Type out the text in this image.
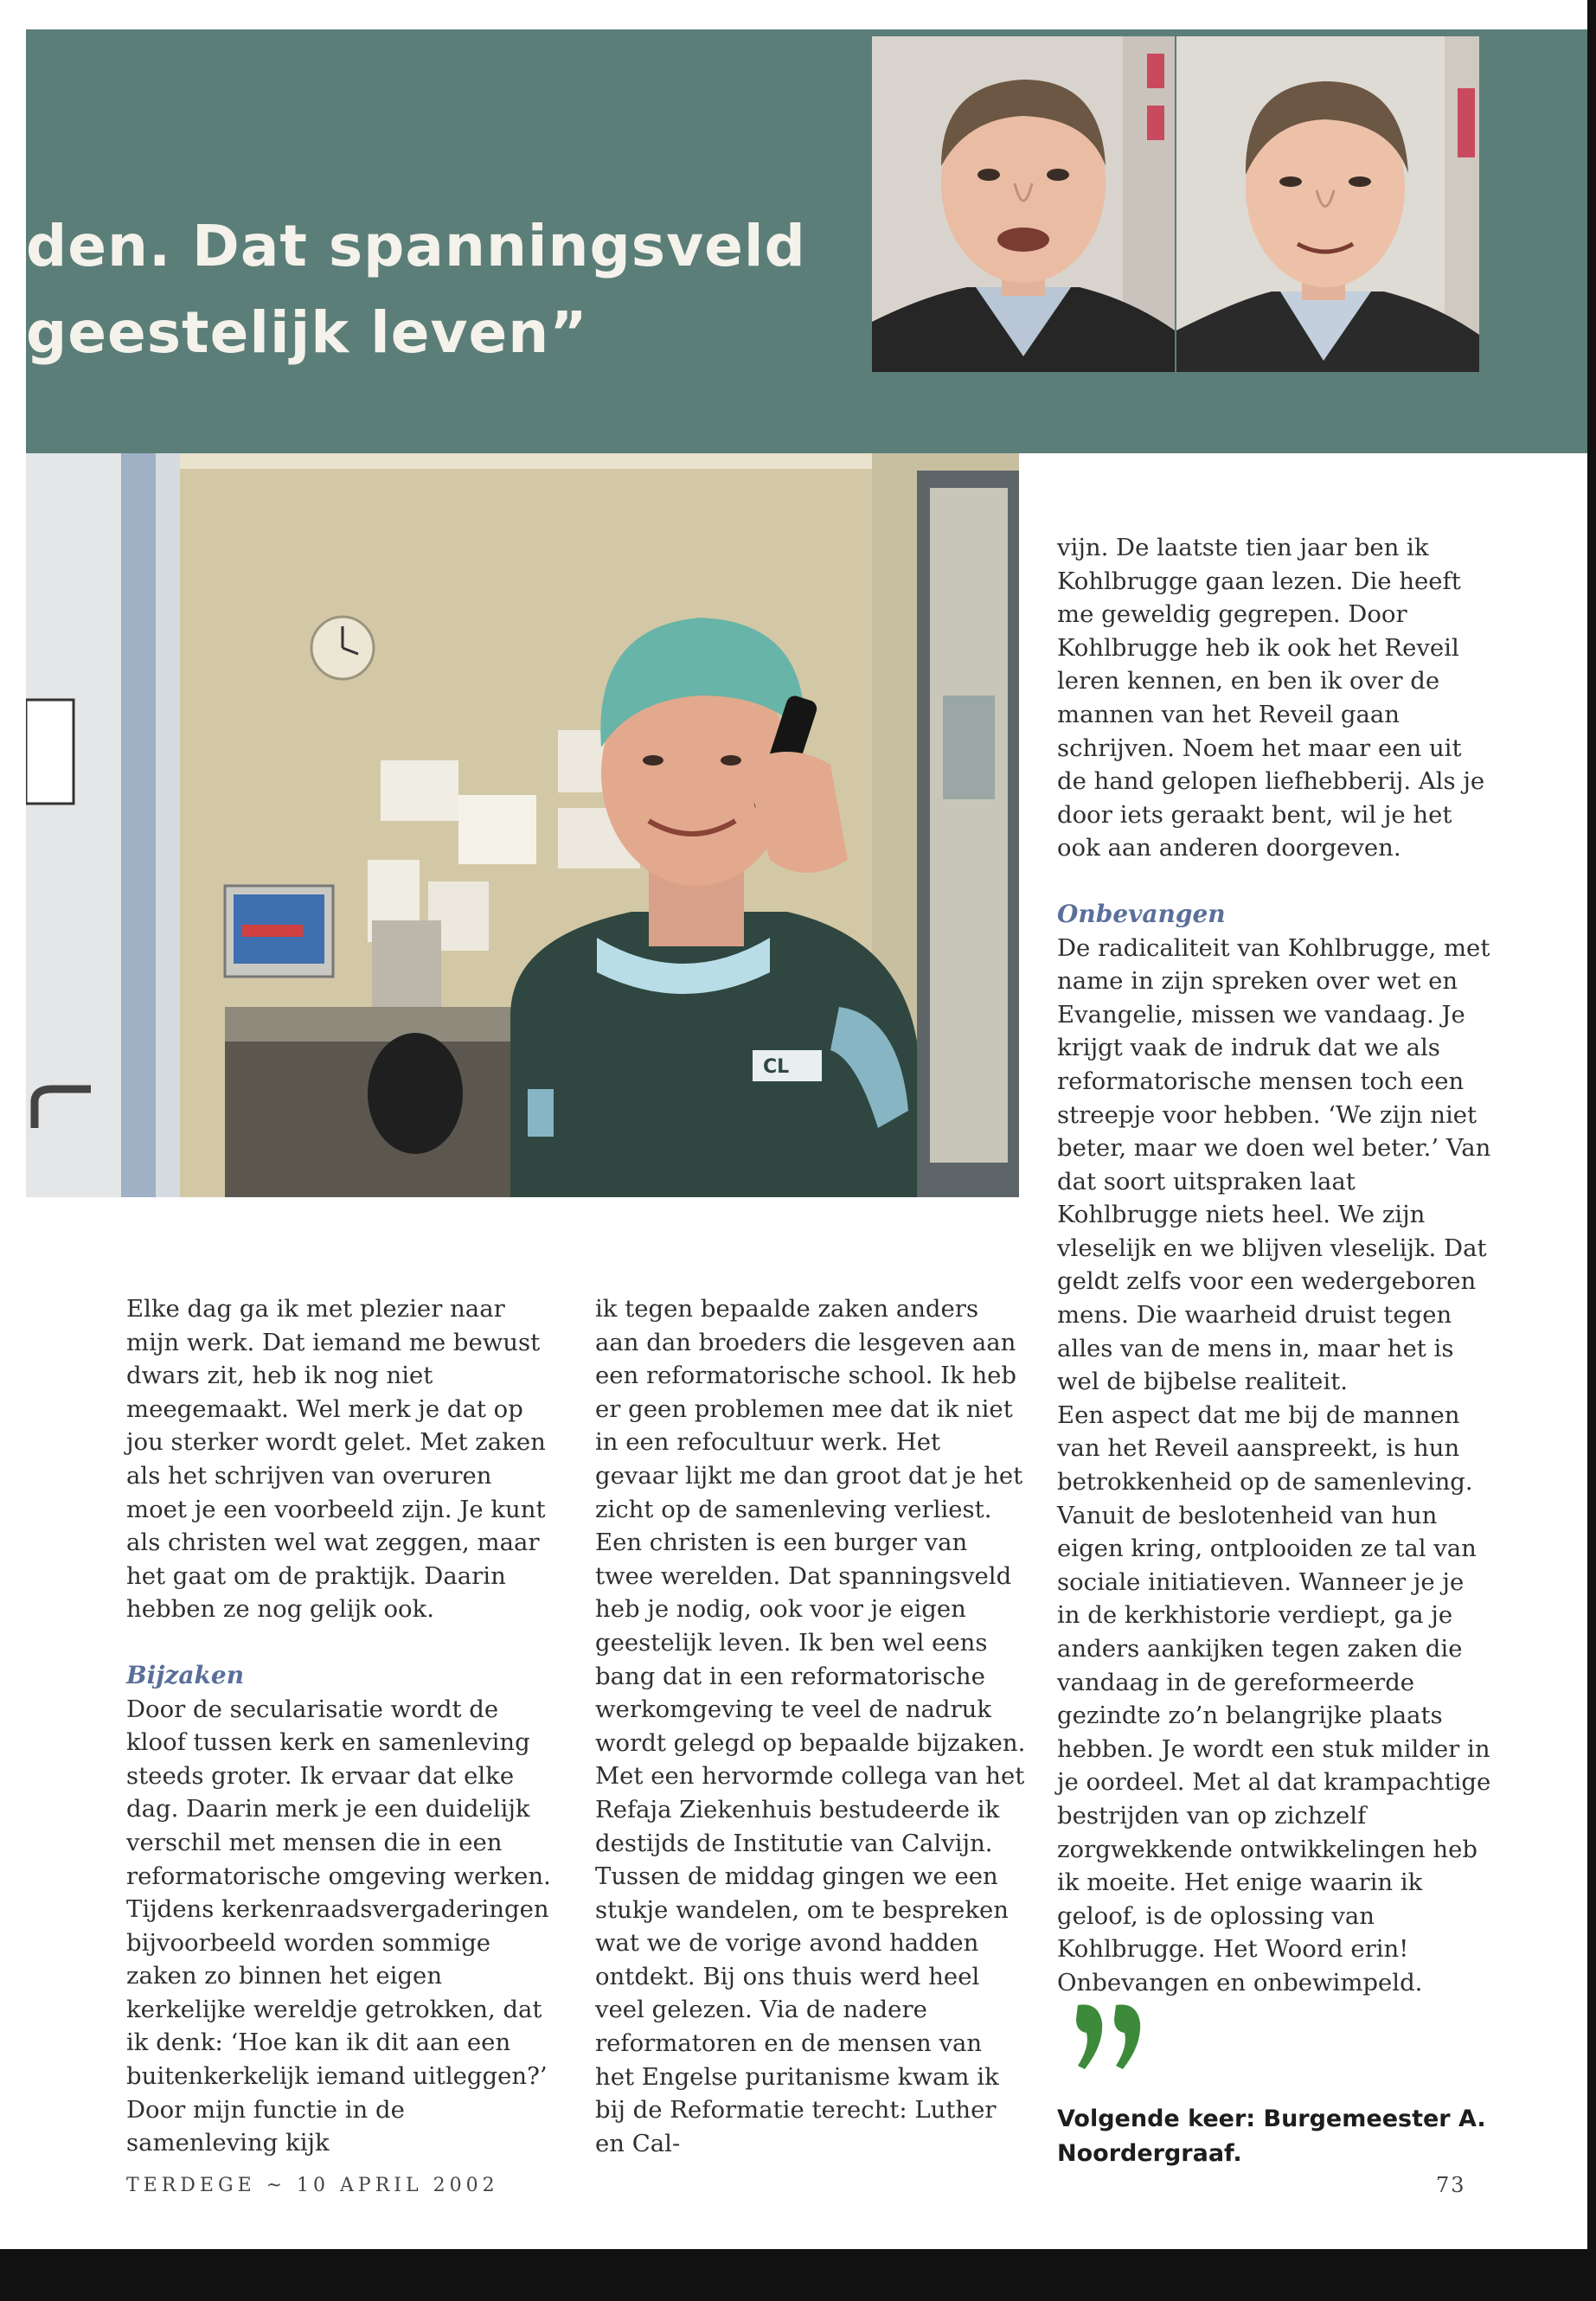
den. Dat spanningsveld
geestelijk leven”
CL

Elke dag ga ik met plezier naar mijn werk. Dat iemand me bewust dwars zit, heb ik nog niet meegemaakt. Wel merk je dat op jou sterker wordt gelet. Met zaken als het schrijven van overuren moet je een voorbeeld zijn. Je kunt als christen wel wat zeggen, maar het gaat om de praktijk. Daarin hebben ze nog gelijk ook.

Bijzaken

Door de secularisatie wordt de kloof tussen kerk en samenleving steeds groter. Ik ervaar dat elke dag. Daarin merk je een duidelijk verschil met mensen die in een reformatorische omgeving werken. Tijdens kerkenraadsvergaderingen bijvoorbeeld worden sommige zaken zo binnen het eigen kerkelijke wereldje getrokken, dat ik denk: ‘Hoe kan ik dit aan een buitenkerkelijk iemand uitleggen?’ Door mijn functie in de samenleving kijk

ik tegen bepaalde zaken anders aan dan broeders die lesgeven aan een reformatorische school. Ik heb er geen problemen mee dat ik niet in een refocultuur werk. Het gevaar lijkt me dan groot dat je het zicht op de samenleving verliest. Een christen is een burger van twee werelden. Dat spanningsveld heb je nodig, ook voor je eigen geestelijk leven. Ik ben wel eens bang dat in een reformatorische werkomgeving te veel de nadruk wordt gelegd op bepaalde bijzaken.

Met een hervormde collega van het Refaja Ziekenhuis bestudeerde ik destijds de Institutie van Calvijn. Tussen de middag gingen we een stukje wandelen, om te bespreken wat we de vorige avond hadden ontdekt. Bij ons thuis werd heel veel gelezen. Via de nadere reformatoren en de mensen van het Engelse puritanisme kwam ik bij de Reformatie terecht: Luther en Cal-

vijn. De laatste tien jaar ben ik Kohlbrugge gaan lezen. Die heeft me geweldig gegrepen. Door Kohlbrugge heb ik ook het Reveil leren kennen, en ben ik over de mannen van het Reveil gaan schrijven. Noem het maar een uit de hand gelopen liefhebberij. Als je door iets geraakt bent, wil je het ook aan anderen doorgeven.

Onbevangen

De radicaliteit van Kohlbrugge, met name in zijn spreken over wet en Evangelie, missen we vandaag. Je krijgt vaak de indruk dat we als reformatorische mensen toch een streepje voor hebben. ‘We zijn niet beter, maar we doen wel beter.’ Van dat soort uitspraken laat Kohlbrugge niets heel. We zijn vleselijk en we blijven vleselijk. Dat geldt zelfs voor een wedergeboren mens. Die waarheid druist tegen alles van de mens in, maar het is wel de bijbelse realiteit.

Een aspect dat me bij de mannen van het Reveil aanspreekt, is hun betrokkenheid op de samenleving. Vanuit de beslotenheid van hun eigen kring, ontplooiden ze tal van sociale initiatieven. Wanneer je je in de kerkhistorie verdiept, ga je anders aankijken tegen zaken die vandaag in de gereformeerde gezindte zo’n belangrijke plaats hebben. Je wordt een stuk milder in je oordeel. Met al dat krampachtige bestrijden van op zichzelf zorgwekkende ontwikkelingen heb ik moeite. Het enige waarin ik geloof, is de oplossing van Kohlbrugge. Het Woord erin! Onbevangen en onbewimpeld.

Volgende keer: Burgemeester A. Noordergraaf.

TERDEGE ~ 10 APRIL 2002	73
